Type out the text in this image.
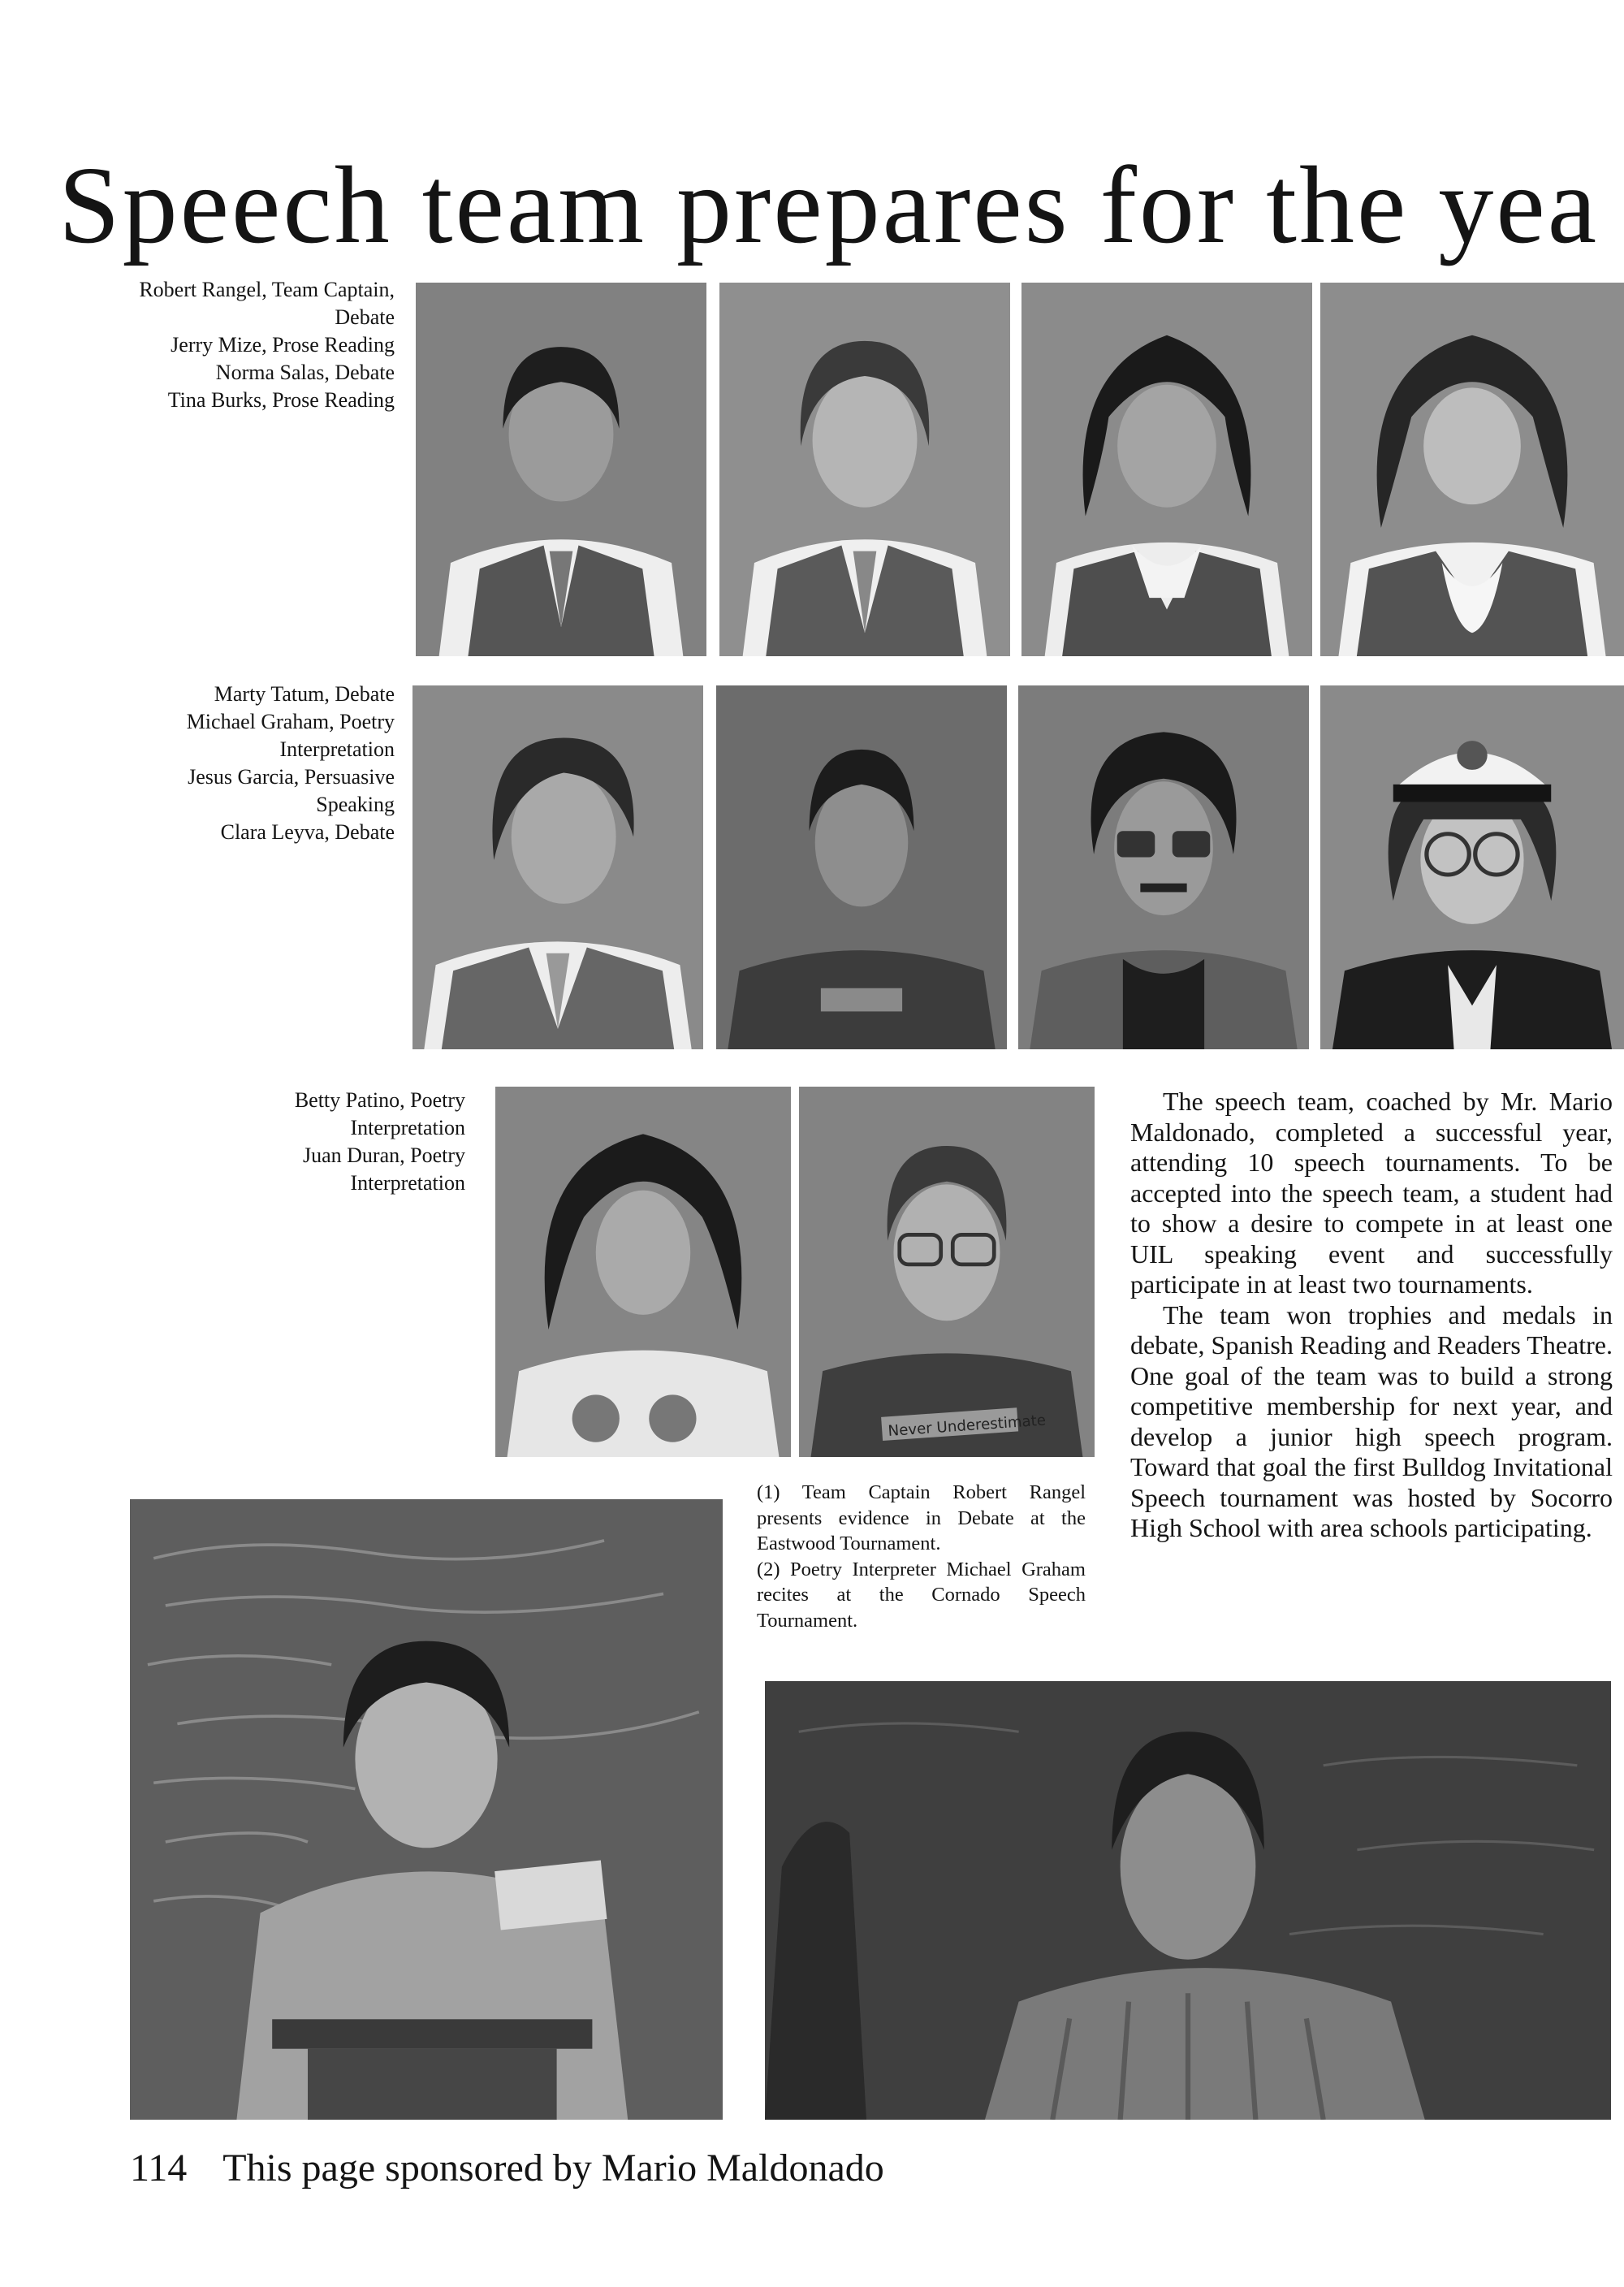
Speech team prepares for the yea
Robert Rangel, Team Captain,
Debate
Jerry Mize, Prose Reading
Norma Salas, Debate
Tina Burks, Prose Reading
Marty Tatum, Debate
Michael Graham, Poetry
Interpretation
Jesus Garcia, Persuasive
Speaking
Clara Leyva, Debate
Betty Patino, Poetry
Interpretation
Juan Duran, Poetry
Interpretation
Never Underestimate

(1) Team Captain Robert Rangel presents evidence in Debate at the Eastwood Tournament.

(2) Poetry Interpreter Michael Graham recites at the Cornado Speech Tournament.

The speech team, coached by Mr. Mario Maldonado, completed a successful year, attending 10 speech tournaments. To be accepted into the speech team, a student had to show a desire to compete in at least one UIL speaking event and successfully participate in at least two tournaments.

The team won trophies and medals in debate, Spanish Reading and Readers Theatre. One goal of the team was to build a strong competitive membership for next year, and develop a junior high speech program. Toward that goal the first Bulldog Invitational Speech tournament was hosted by Socorro High School with area schools participating.

114 This page sponsored by Mario Maldonado
